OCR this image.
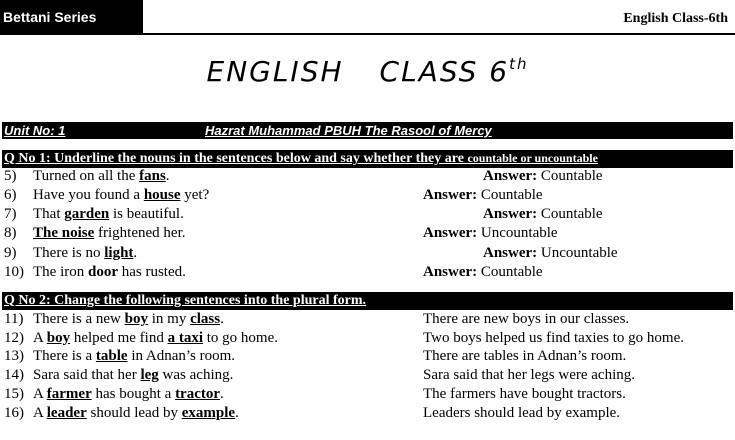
Bettani Series	English Class-6th
ENGLISH CLASS 6th
Unit No: 1	Hazrat Muhammad PBUH The Rasool of Mercy
Q No 1: Underline the nouns in the sentences below and say whether they are countable or uncountable
5) Turned on all the fans.	Answer: Countable
6) Have you found a house yet?	Answer: Countable
7) That garden is beautiful.	Answer: Countable
8) The noise frightened her.	Answer: Uncountable
9) There is no light.	Answer: Uncountable
10) The iron door has rusted.	Answer: Countable
Q No 2: Change the following sentences into the plural form.
11) There is a new boy in my class.	There are new boys in our classes.
12) A boy helped me find a taxi to go home.	Two boys helped us find taxies to go home.
13) There is a table in Adnan’s room.	There are tables in Adnan’s room.
14) Sara said that her leg was aching.	Sara said that her legs were aching.
15) A farmer has bought a tractor.	The farmers have bought tractors.
16) A leader should lead by example.	Leaders should lead by example.
